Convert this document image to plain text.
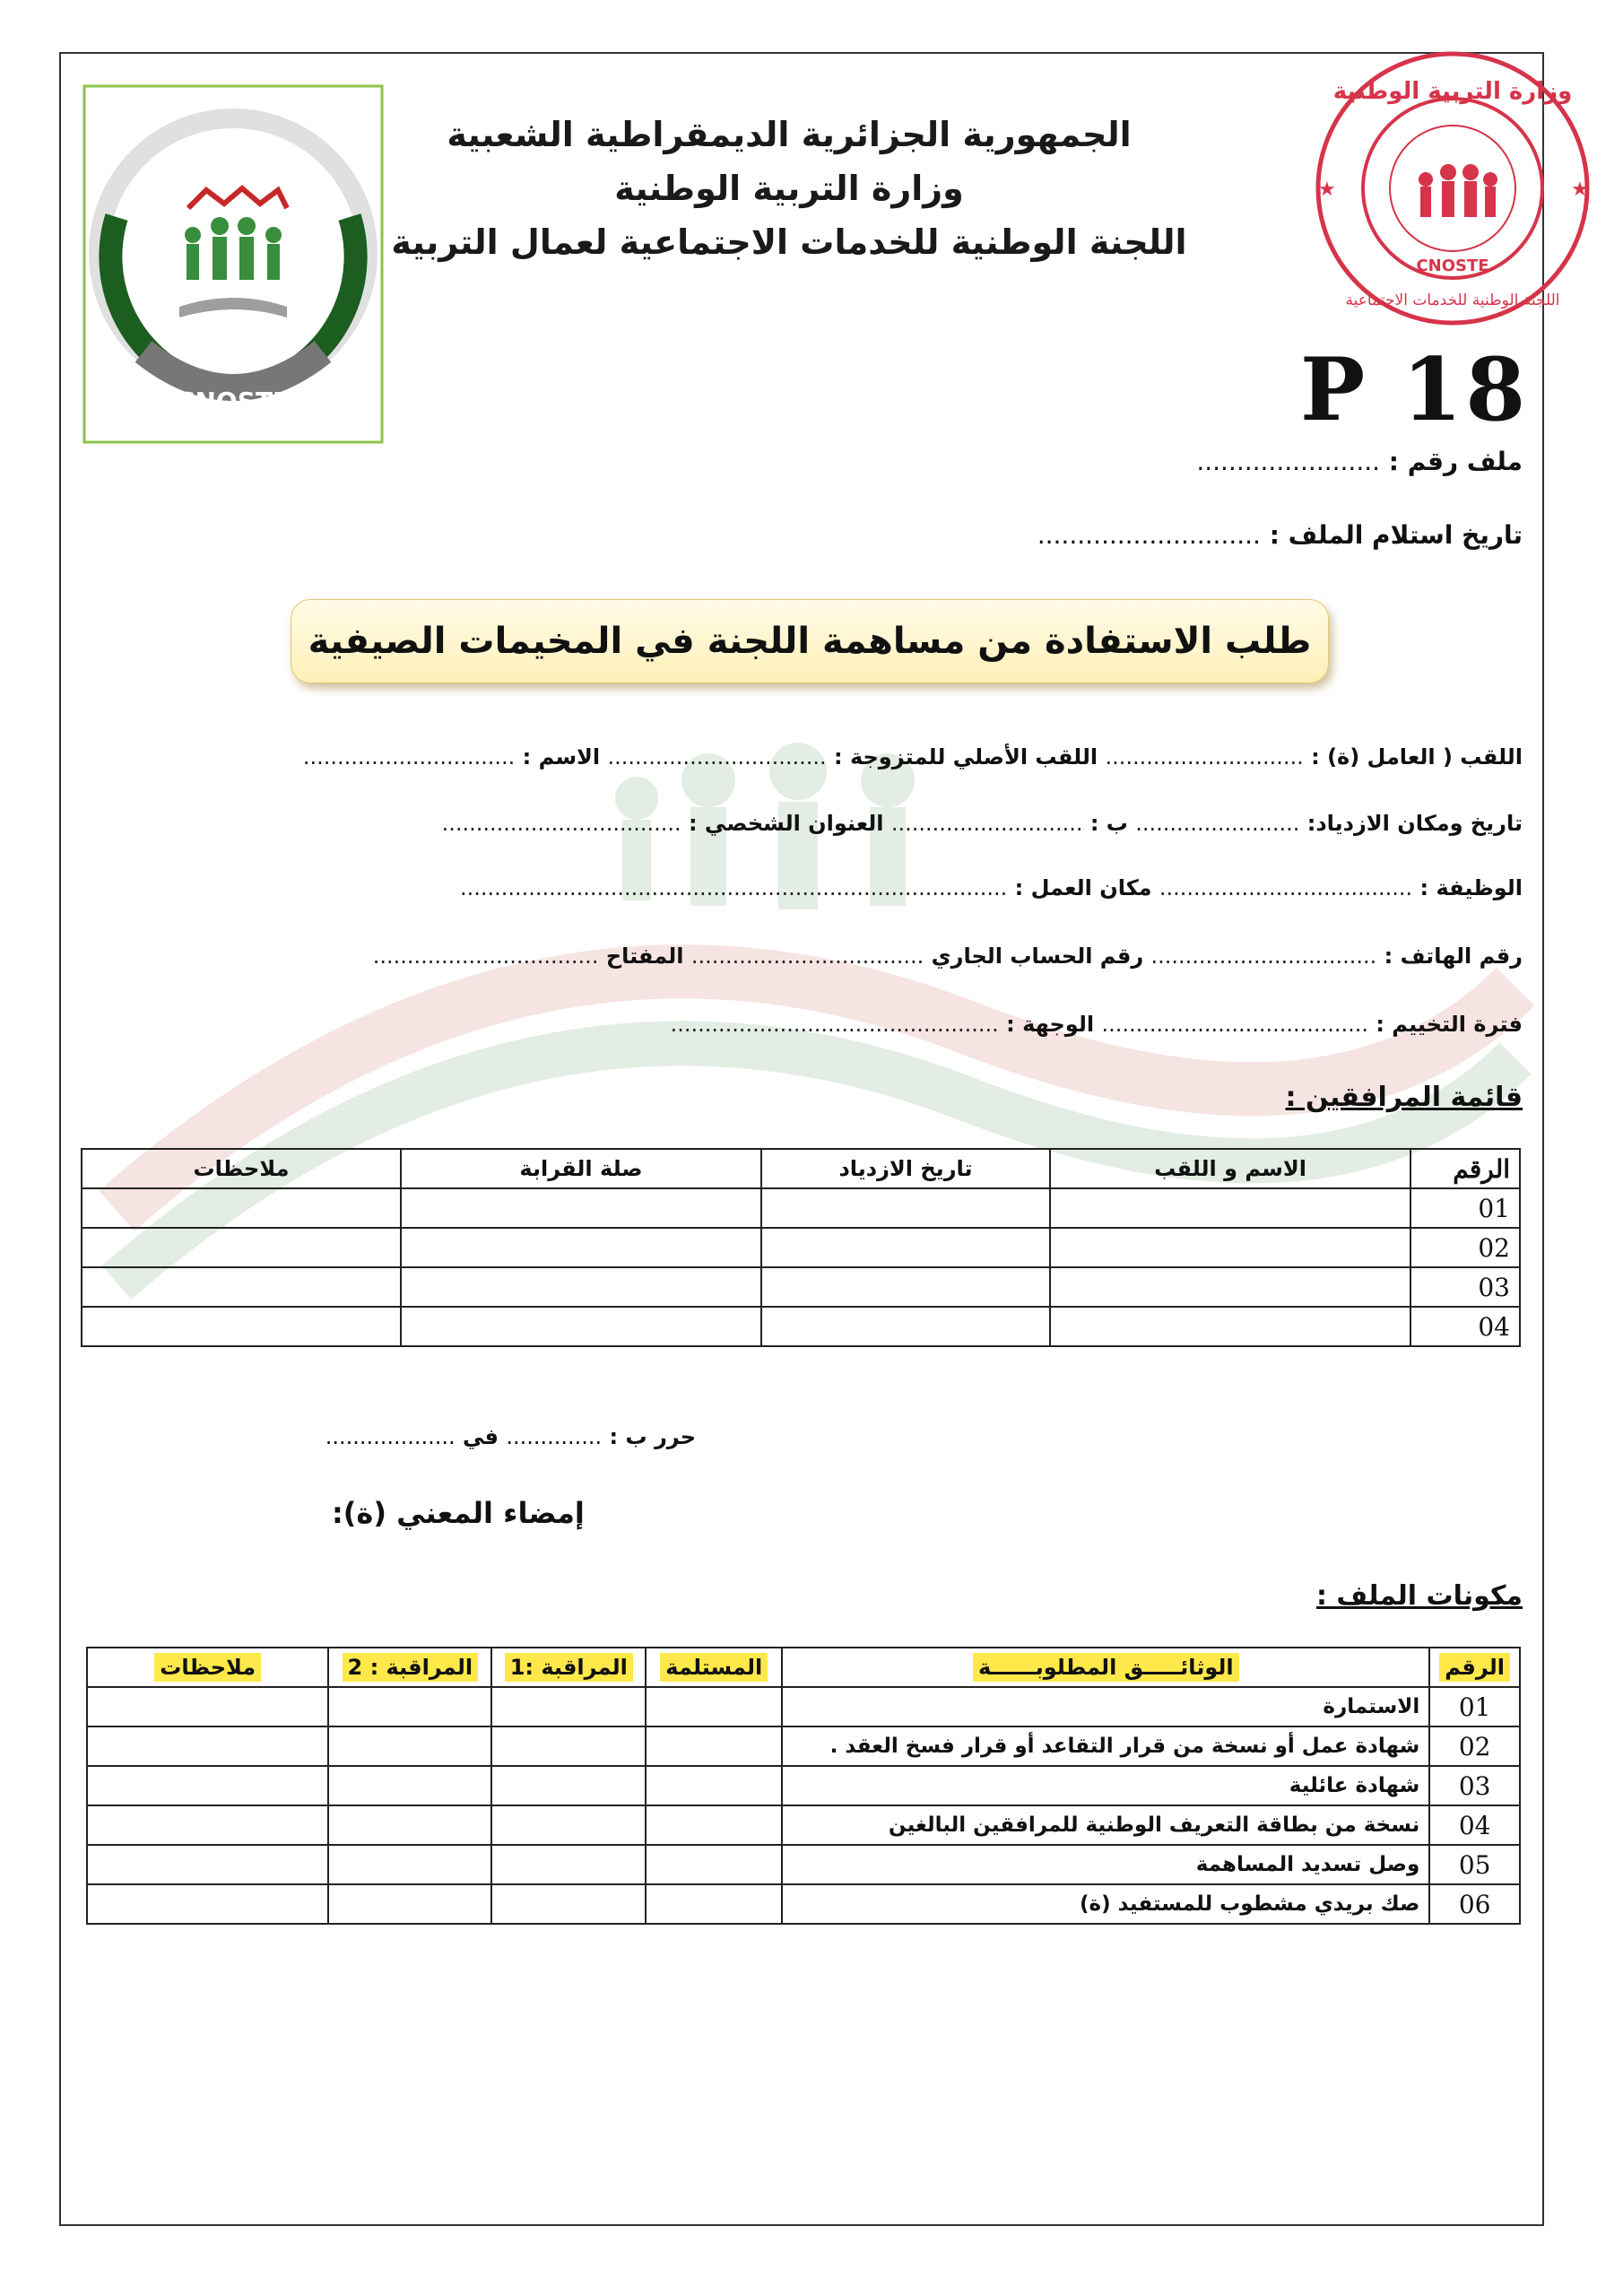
CNOSTE
الجمهورية الجزائرية الديمقراطية الشعبية
وزارة التربية الوطنية
اللجنة الوطنية للخدمات الاجتماعية لعمال التربية
وزارة التربية الوطنية
CNOSTE
اللجنة الوطنية للخدمات الاجتماعية
★	★
P 18
ملف رقم : .......................
تاريخ استلام الملف : ............................
طلب الاستفادة من مساهمة اللجنة في المخيمات الصيفية
اللقب ( العامل (ة) : ............................. اللقب الأصلي للمتزوجة : ................................ الاسم : ...............................
تاريخ ومكان الازدياد: ........................ ب : ............................ العنوان الشخصي : ...................................
الوظيفة : ..................................... مكان العمل : ................................................................................
رقم الهاتف : ................................. رقم الحساب الجاري .................................. المفتاح .................................
فترة التخييم : ....................................... الوجهة : ................................................
قائمة المرافقين :
الرقم	الاسم و اللقب	تاريخ الازدياد	صلة القرابة	ملاحظات
01				
02				
03				
04				
حرر ب : .............. في ...................
إمضاء المعني (ة):
مكونات الملف :
الرقم	الوثائـــــق المطلوبــــــة	المستلمة	المراقبة :1	المراقبة : 2	ملاحظات
01	الاستمارة				
02	شهادة عمل أو نسخة من قرار التقاعد أو قرار فسخ العقد .				
03	شهادة عائلية				
04	نسخة من بطاقة التعريف الوطنية للمرافقين البالغين				
05	وصل تسديد المساهمة				
06	صك بريدي مشطوب للمستفيد (ة)				
